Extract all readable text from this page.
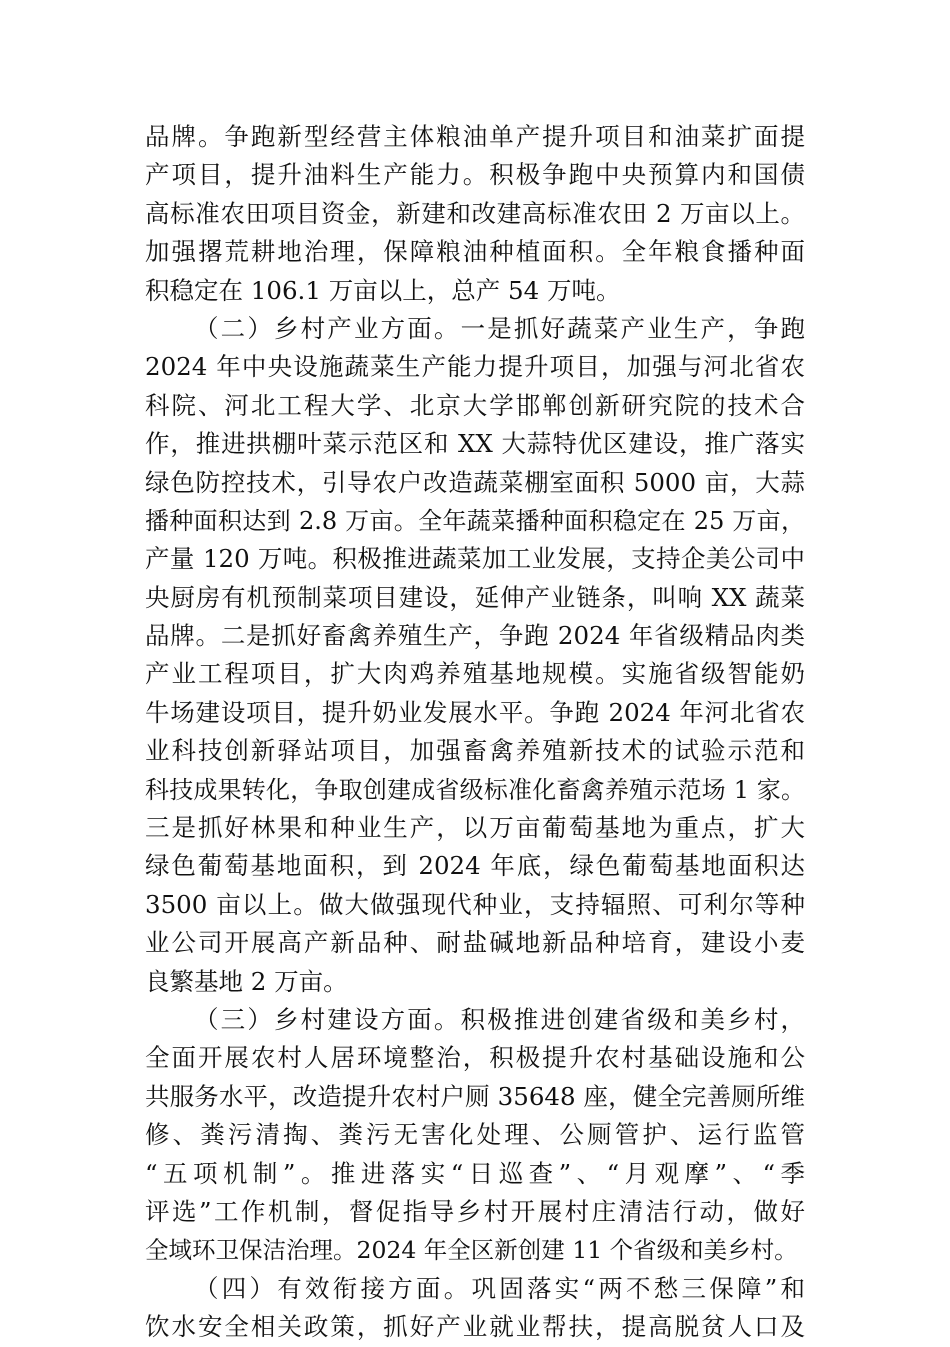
品牌。争跑新型经营主体粮油单产提升项目和油菜扩面提
产项目，提升油料生产能力。积极争跑中央预算内和国债
高标准农田项目资金，新建和改建高标准农田 2 万亩以上。
加强撂荒耕地治理，保障粮油种植面积。全年粮食播种面
积稳定在 106.1 万亩以上，总产 54 万吨。
（二）乡村产业方面。一是抓好蔬菜产业生产，争跑
2024 年中央设施蔬菜生产能力提升项目，加强与河北省农
科院、河北工程大学、北京大学邯郸创新研究院的技术合
作，推进拱棚叶菜示范区和 XX 大蒜特优区建设，推广落实
绿色防控技术，引导农户改造蔬菜棚室面积 5000 亩，大蒜
播种面积达到 2.8 万亩。全年蔬菜播种面积稳定在 25 万亩，
产量 120 万吨。积极推进蔬菜加工业发展，支持企美公司中
央厨房有机预制菜项目建设，延伸产业链条，叫响 XX 蔬菜
品牌。二是抓好畜禽养殖生产，争跑 2024 年省级精品肉类
产业工程项目，扩大肉鸡养殖基地规模。实施省级智能奶
牛场建设项目，提升奶业发展水平。争跑 2024 年河北省农
业科技创新驿站项目，加强畜禽养殖新技术的试验示范和
科技成果转化，争取创建成省级标准化畜禽养殖示范场 1 家。
三是抓好林果和种业生产，以万亩葡萄基地为重点，扩大
绿色葡萄基地面积，到 2024 年底，绿色葡萄基地面积达
3500 亩以上。做大做强现代种业，支持辐照、可利尔等种
业公司开展高产新品种、耐盐碱地新品种培育，建设小麦
良繁基地 2 万亩。
（三）乡村建设方面。积极推进创建省级和美乡村，
全面开展农村人居环境整治，积极提升农村基础设施和公
共服务水平，改造提升农村户厕 35648 座，健全完善厕所维
修、粪污清掏、粪污无害化处理、公厕管护、运行监管
“五项机制”。推进落实“日巡查”、“月观摩”、“季
评选”工作机制，督促指导乡村开展村庄清洁行动，做好
全域环卫保洁治理。2024 年全区新创建 11 个省级和美乡村。
（四）有效衔接方面。巩固落实“两不愁三保障”和
饮水安全相关政策，抓好产业就业帮扶，提高脱贫人口及
